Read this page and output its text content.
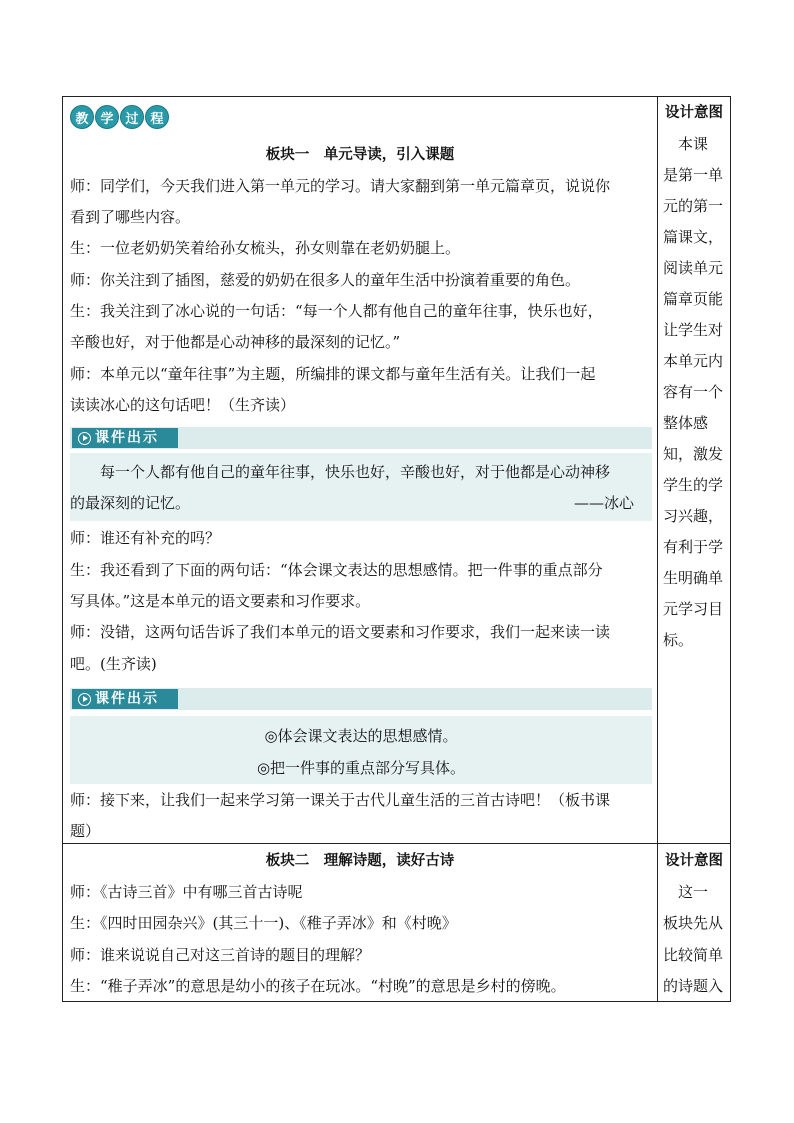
教 学 过 程
板块一　单元导读，引入课题
师：同学们，今天我们进入第一单元的学习。请大家翻到第一单元篇章页，说说你
看到了哪些内容。
生：一位老奶奶笑着给孙女梳头，孙女则靠在老奶奶腿上。
师：你关注到了插图，慈爱的奶奶在很多人的童年生活中扮演着重要的角色。
生：我关注到了冰心说的一句话：“每一个人都有他自己的童年往事，快乐也好，
辛酸也好，对于他都是心动神移的最深刻的记忆。”
师：本单元以“童年往事”为主题，所编排的课文都与童年生活有关。让我们一起
读读冰心的这句话吧！（生齐读）
课件出示
每一个人都有他自己的童年往事，快乐也好，辛酸也好，对于他都是心动神移
的最深刻的记忆。	——冰心
师：谁还有补充的吗？
生：我还看到了下面的两句话：“体会课文表达的思想感情。把一件事的重点部分
写具体。”这是本单元的语文要素和习作要求。
师：没错，这两句话告诉了我们本单元的语文要素和习作要求，我们一起来读一读
吧。(生齐读)
课件出示
◎体会课文表达的思想感情。
◎把一件事的重点部分写具体。
师：接下来，让我们一起来学习第一课关于古代儿童生活的三首古诗吧！（板书课
题）
板块二　理解诗题，读好古诗
师：《古诗三首》中有哪三首古诗呢
生：《四时田园杂兴》(其三十一)、《稚子弄冰》和《村晚》
师：谁来说说自己对这三首诗的题目的理解？
生：“稚子弄冰”的意思是幼小的孩子在玩冰。“村晚”的意思是乡村的傍晚。
设计意图
　本课
是第一单
元的第一
篇课文，
阅读单元
篇章页能
让学生对
本单元内
容有一个
整体感
知，激发
学生的学
习兴趣，
有利于学
生明确单
元学习目
标。
设计意图
　这一
板块先从
比较简单
的诗题入
